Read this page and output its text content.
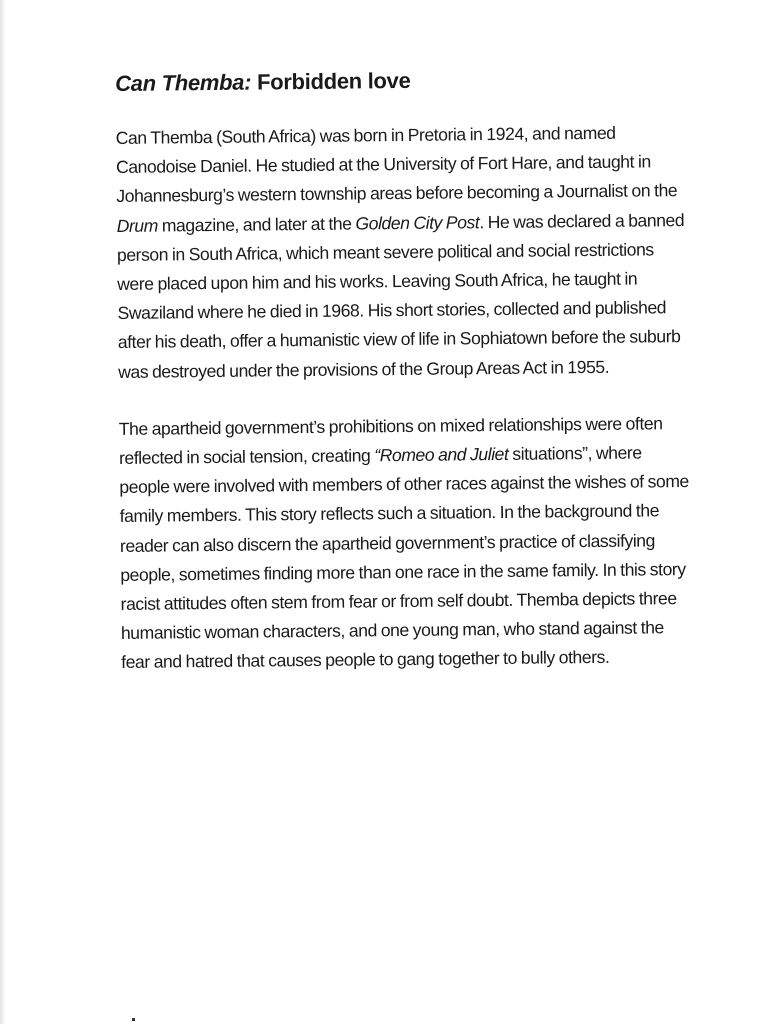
Can Themba: Forbidden love

Can Themba (South Africa) was born in Pretoria in 1924, and named Canodoise Daniel. He studied at the University of Fort Hare, and taught in Johannesburg’s western township areas before becoming a Journalist on the Drum magazine, and later at the Golden City Post. He was declared a banned person in South Africa, which meant severe political and social restrictions were placed upon him and his works. Leaving South Africa, he taught in Swaziland where he died in 1968. His short stories, collected and published after his death, offer a humanistic view of life in Sophiatown before the suburb was destroyed under the provisions of the Group Areas Act in 1955.

The apartheid government’s prohibitions on mixed relationships were often reflected in social tension, creating “Romeo and Juliet situations”, where people were involved with members of other races against the wishes of some family members. This story reflects such a situation. In the background the reader can also discern the apartheid government’s practice of classifying people, sometimes finding more than one race in the same family. In this story racist attitudes often stem from fear or from self doubt. Themba depicts three humanistic woman characters, and one young man, who stand against the fear and hatred that causes people to gang together to bully others.
